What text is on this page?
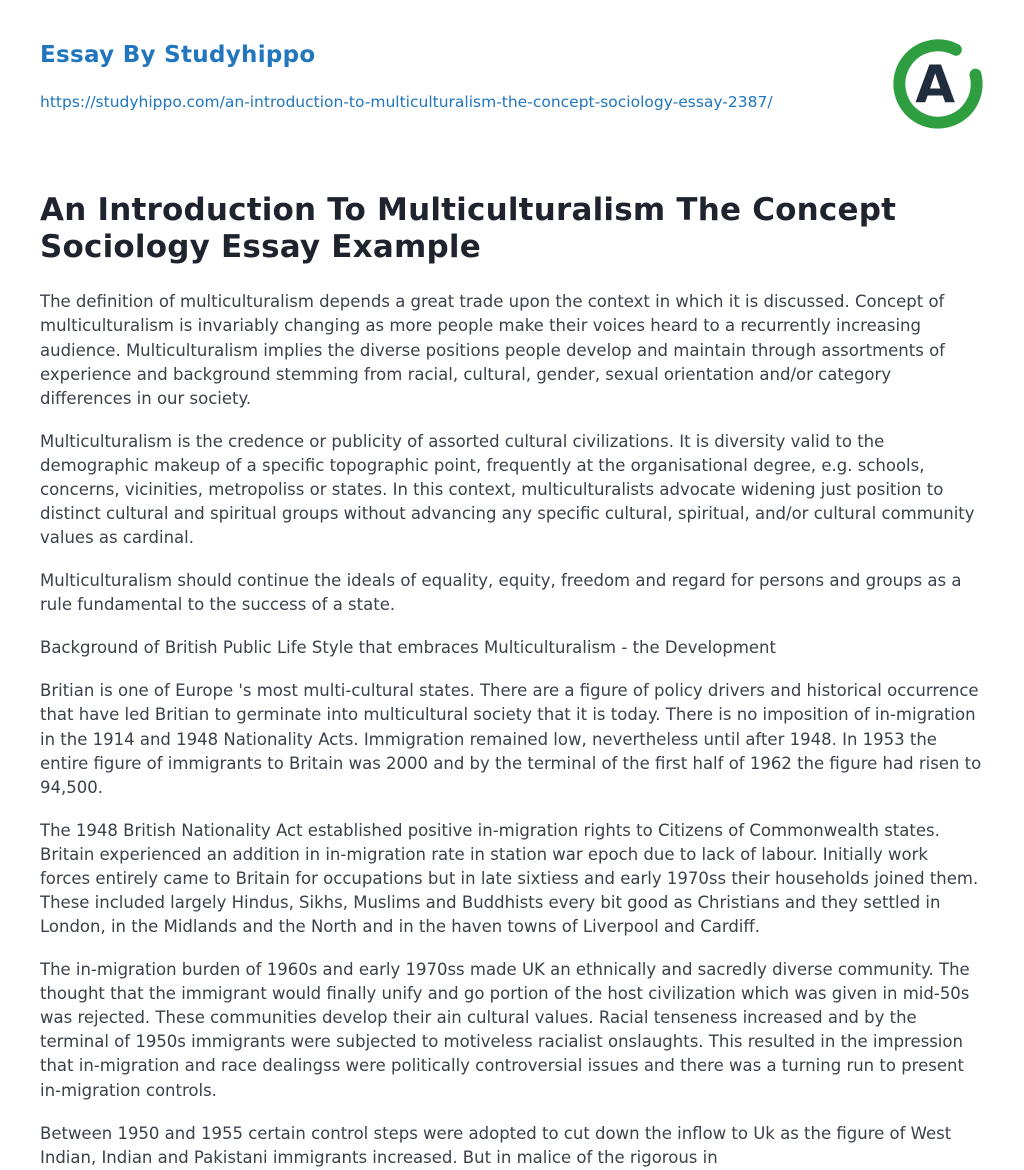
Essay By Studyhippo
https://studyhippo.com/an-introduction-to-multiculturalism-the-concept-sociology-essay-2387/	A
An Introduction To Multiculturalism The Concept Sociology Essay Example

The definition of multiculturalism depends a great trade upon the context in which it is discussed. Concept of multiculturalism is invariably changing as more people make their voices heard to a recurrently increasing audience. Multiculturalism implies the diverse positions people develop and maintain through assortments of experience and background stemming from racial, cultural, gender, sexual orientation and/or category differences in our society.

Multiculturalism is the credence or publicity of assorted cultural civilizations. It is diversity valid to the demographic makeup of a specific topographic point, frequently at the organisational degree, e.g. schools, concerns, vicinities, metropoliss or states. In this context, multiculturalists advocate widening just position to distinct cultural and spiritual groups without advancing any specific cultural, spiritual, and/or cultural community values as cardinal.

Multiculturalism should continue the ideals of equality, equity, freedom and regard for persons and groups as a rule fundamental to the success of a state.

Background of British Public Life Style that embraces Multiculturalism - the Development

Britian is one of Europe 's most multi-cultural states. There are a figure of policy drivers and historical occurrence that have led Britian to germinate into multicultural society that it is today. There is no imposition of in-migration in the 1914 and 1948 Nationality Acts. Immigration remained low, nevertheless until after 1948. In 1953 the entire figure of immigrants to Britain was 2000 and by the terminal of the first half of 1962 the figure had risen to 94,500.

The 1948 British Nationality Act established positive in-migration rights to Citizens of Commonwealth states. Britain experienced an addition in in-migration rate in station war epoch due to lack of labour. Initially work forces entirely came to Britain for occupations but in late sixtiess and early 1970ss their households joined them. These included largely Hindus, Sikhs, Muslims and Buddhists every bit good as Christians and they settled in London, in the Midlands and the North and in the haven towns of Liverpool and Cardiff.

The in-migration burden of 1960s and early 1970ss made UK an ethnically and sacredly diverse community. The thought that the immigrant would finally unify and go portion of the host civilization which was given in mid-50s was rejected. These communities develop their ain cultural values. Racial tenseness increased and by the terminal of 1950s immigrants were subjected to motiveless racialist onslaughts. This resulted in the impression that in-migration and race dealingss were politically controversial issues and there was a turning run to present in-migration controls.

Between 1950 and 1955 certain control steps were adopted to cut down the inflow to Uk as the figure of West Indian, Indian and Pakistani immigrants increased. But in malice of the rigorous in
